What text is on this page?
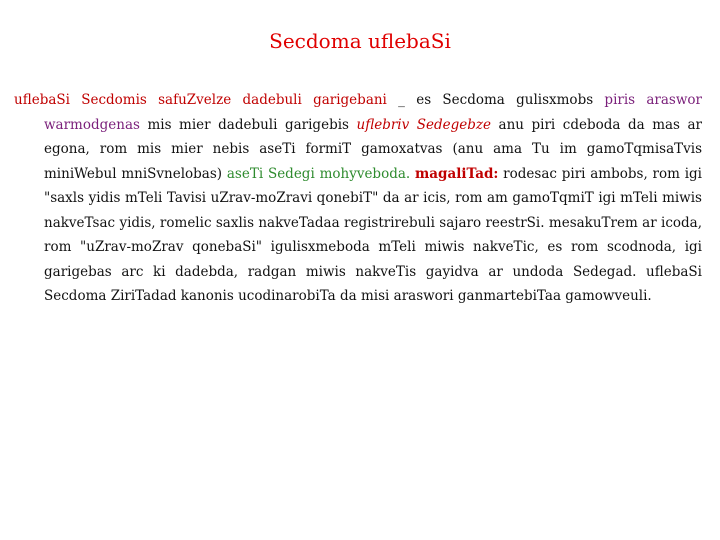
Secdoma uflebaSi

uflebaSi Secdomis safuZvelze dadebuli garigebani _ es Secdoma gulisxmobs piris araswor warmodgenas mis mier dadebuli garigebis uflebriv Sedegebze anu piri cdeboda da mas ar egona, rom mis mier nebis aseTi formiT gamoxatvas (anu ama Tu im gamoTqmisaTvis miniWebul mniSvnelobas) aseTi Sedegi mohyveboda. magaliTad: rodesac piri ambobs, rom igi "saxls yidis mTeli Tavisi uZrav-moZravi qonebiT" da ar icis, rom am gamoTqmiT igi mTeli miwis nakveTsac yidis, romelic saxlis nakveTadaa registrirebuli sajaro reestrSi. mesakuTrem ar icoda, rom "uZrav-moZrav qonebaSi" igulisxmeboda mTeli miwis nakveTic, es rom scodnoda, igi garigebas arc ki dadebda, radgan miwis nakveTis gayidva ar undoda Sedegad. uflebaSi Secdoma ZiriTadad kanonis ucodinarobiTa da misi araswori ganmartebiTaa gamowveuli.
